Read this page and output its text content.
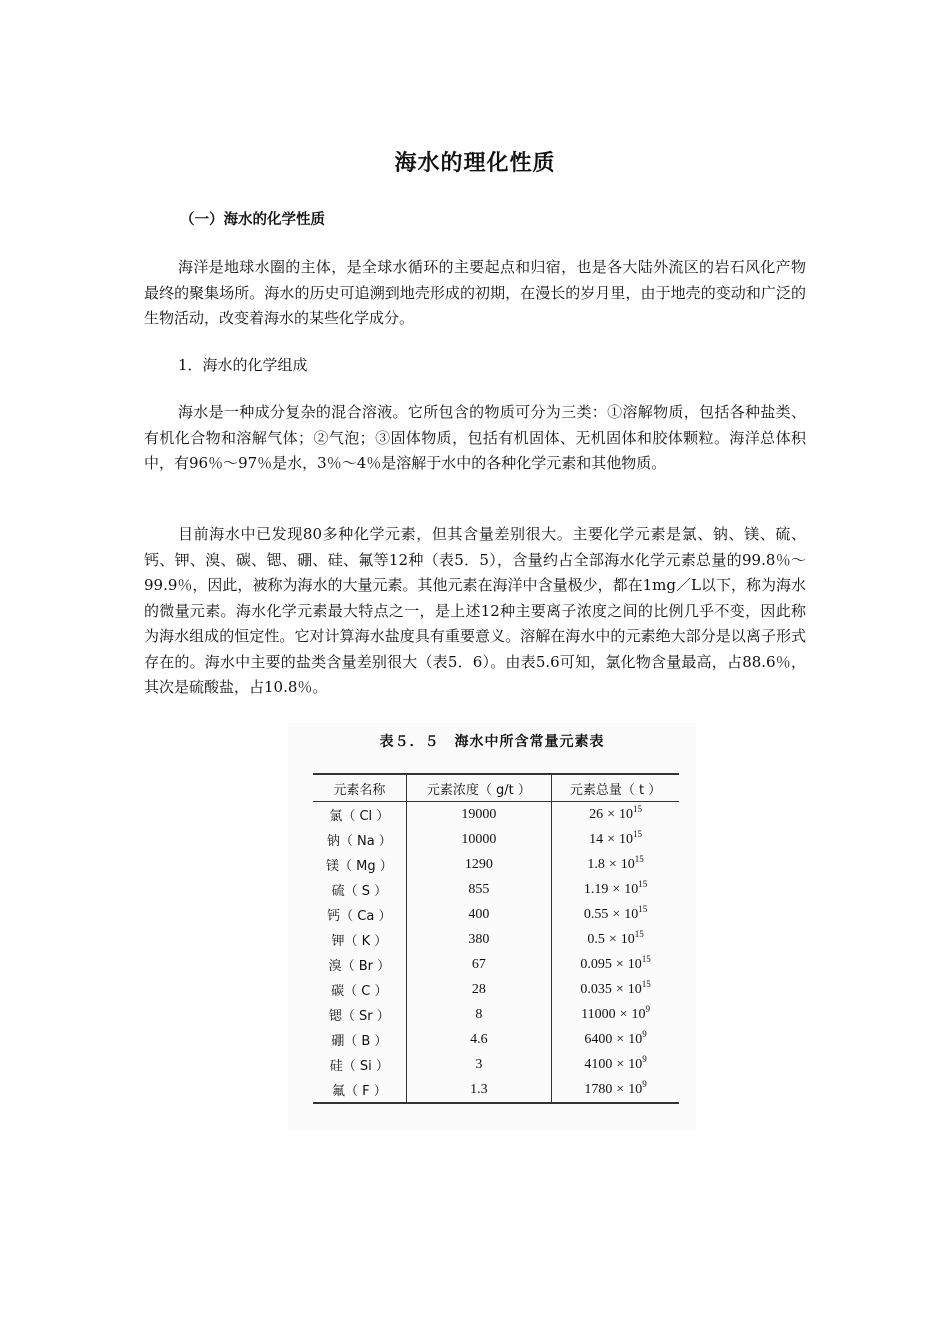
海水的理化性质
（一）海水的化学性质

海洋是地球水圈的主体，是全球水循环的主要起点和归宿，也是各大陆外流区的岩石风化产物最终的聚集场所。海水的历史可追溯到地壳形成的初期，在漫长的岁月里，由于地壳的变动和广泛的生物活动，改变着海水的某些化学成分。

1．海水的化学组成

海水是一种成分复杂的混合溶液。它所包含的物质可分为三类：①溶解物质，包括各种盐类、有机化合物和溶解气体；②气泡；③固体物质，包括有机固体、无机固体和胶体颗粒。海洋总体积中，有96％～97％是水，3％～4％是溶解于水中的各种化学元素和其他物质。

目前海水中已发现80多种化学元素，但其含量差别很大。主要化学元素是氯、钠、镁、硫、钙、钾、溴、碳、锶、硼、硅、氟等12种（表5．5），含量约占全部海水化学元素总量的99.8％～99.9％，因此，被称为海水的大量元素。其他元素在海洋中含量极少，都在1mg／L以下，称为海水的微量元素。海水化学元素最大特点之一，是上述12种主要离子浓度之间的比例几乎不变，因此称为海水组成的恒定性。它对计算海水盐度具有重要意义。溶解在海水中的元素绝大部分是以离子形式存在的。海水中主要的盐类含量差别很大（表5．6）。由表5.6可知，氯化物含量最高，占88.6％，其次是硫酸盐，占10.8％。

表５．５　海水中所含常量元素表
元素名称	元素浓度（ g/t ）	元素总量（ t ）
氯（ Cl ）	19000	$26 \times 10^{15}$
钠（ Na ）	10000	$14 \times 10^{15}$
镁（ Mg ）	1290	$1.8 \times 10^{15}$
硫（ S ）	855	$1.19 \times 10^{15}$
钙（ Ca ）	400	$0.55 \times 10^{15}$
钾（ K ）	380	$0.5 \times 10^{15}$
溴（ Br ）	67	$0.095 \times 10^{15}$
碳（ C ）	28	$0.035 \times 10^{15}$
锶（ Sr ）	8	$11000 \times 10^9$
硼（ B ）	4.6	$6400 \times 10^9$
硅（ Si ）	3	$4100 \times 10^9$
氟（ F ）	1.3	$1780 \times 10^9$
